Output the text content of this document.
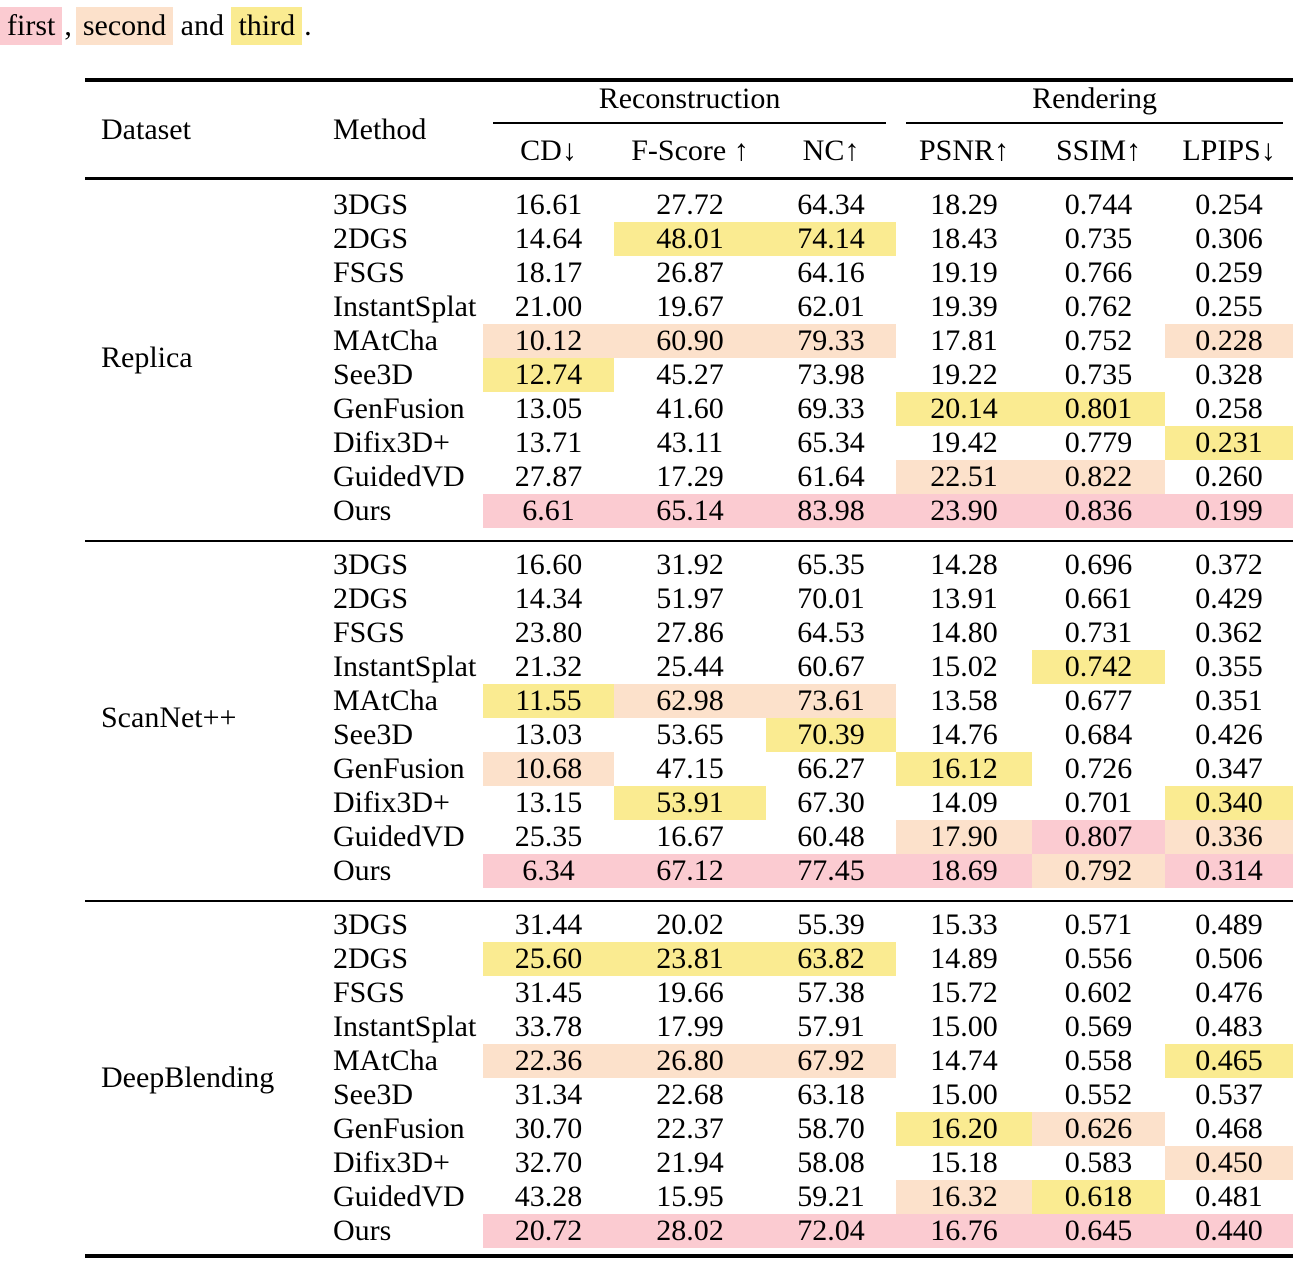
first , second and third .
Dataset	Method	Reconstruction			Rendering		

		CD↓	F-Score ↑	NC↑	PSNR↑	SSIM↑	LPIPS↓

Replica	3DGS	16.61	27.72	64.34	18.29	0.744	0.254
	2DGS	14.64	48.01	74.14	18.43	0.735	0.306
	FSGS	18.17	26.87	64.16	19.19	0.766	0.259
	InstantSplat	21.00	19.67	62.01	19.39	0.762	0.255
	MAtCha	10.12	60.90	79.33	17.81	0.752	0.228
	See3D	12.74	45.27	73.98	19.22	0.735	0.328
	GenFusion	13.05	41.60	69.33	20.14	0.801	0.258
	Difix3D+	13.71	43.11	65.34	19.42	0.779	0.231
	GuidedVD	27.87	17.29	61.64	22.51	0.822	0.260
	Ours	6.61	65.14	83.98	23.90	0.836	0.199

ScanNet++	3DGS	16.60	31.92	65.35	14.28	0.696	0.372
	2DGS	14.34	51.97	70.01	13.91	0.661	0.429
	FSGS	23.80	27.86	64.53	14.80	0.731	0.362
	InstantSplat	21.32	25.44	60.67	15.02	0.742	0.355
	MAtCha	11.55	62.98	73.61	13.58	0.677	0.351
	See3D	13.03	53.65	70.39	14.76	0.684	0.426
	GenFusion	10.68	47.15	66.27	16.12	0.726	0.347
	Difix3D+	13.15	53.91	67.30	14.09	0.701	0.340
	GuidedVD	25.35	16.67	60.48	17.90	0.807	0.336
	Ours	6.34	67.12	77.45	18.69	0.792	0.314

DeepBlending	3DGS	31.44	20.02	55.39	15.33	0.571	0.489
	2DGS	25.60	23.81	63.82	14.89	0.556	0.506
	FSGS	31.45	19.66	57.38	15.72	0.602	0.476
	InstantSplat	33.78	17.99	57.91	15.00	0.569	0.483
	MAtCha	22.36	26.80	67.92	14.74	0.558	0.465
	See3D	31.34	22.68	63.18	15.00	0.552	0.537
	GenFusion	30.70	22.37	58.70	16.20	0.626	0.468
	Difix3D+	32.70	21.94	58.08	15.18	0.583	0.450
	GuidedVD	43.28	15.95	59.21	16.32	0.618	0.481
	Ours	20.72	28.02	72.04	16.76	0.645	0.440
